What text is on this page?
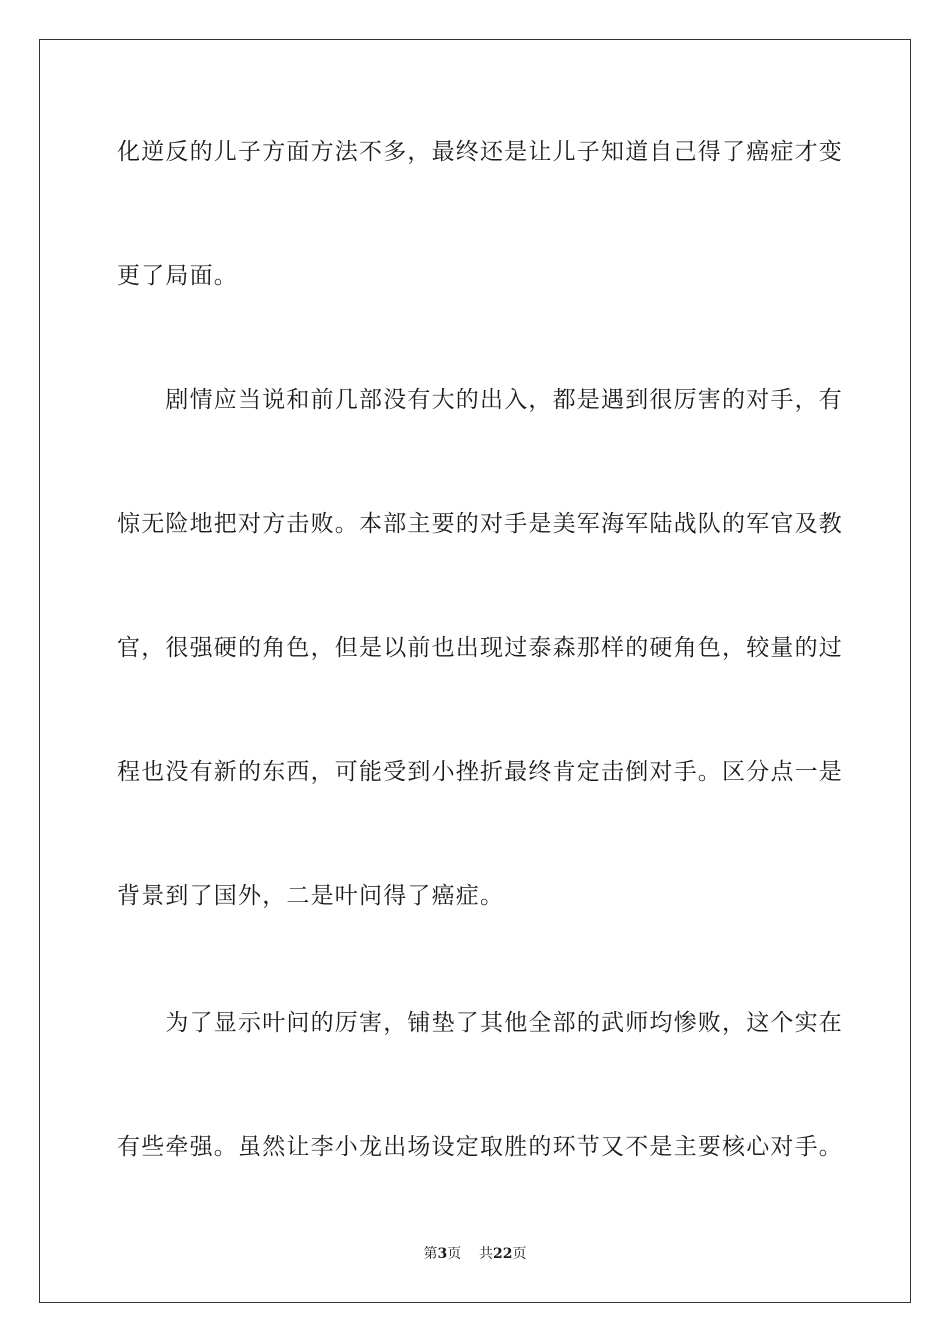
化逆反的儿子方面方法不多，最终还是让儿子知道自己得了癌症才变
更了局面。
　　剧情应当说和前几部没有大的出入，都是遇到很厉害的对手，有
惊无险地把对方击败。本部主要的对手是美军海军陆战队的军官及教
官，很强硬的角色，但是以前也出现过泰森那样的硬角色，较量的过
程也没有新的东西，可能受到小挫折最终肯定击倒对手。区分点一是
背景到了国外，二是叶问得了癌症。
　　为了显示叶问的厉害，铺垫了其他全部的武师均惨败，这个实在
有些牵强。虽然让李小龙出场设定取胜的环节又不是主要核心对手。
第3页 共22页
